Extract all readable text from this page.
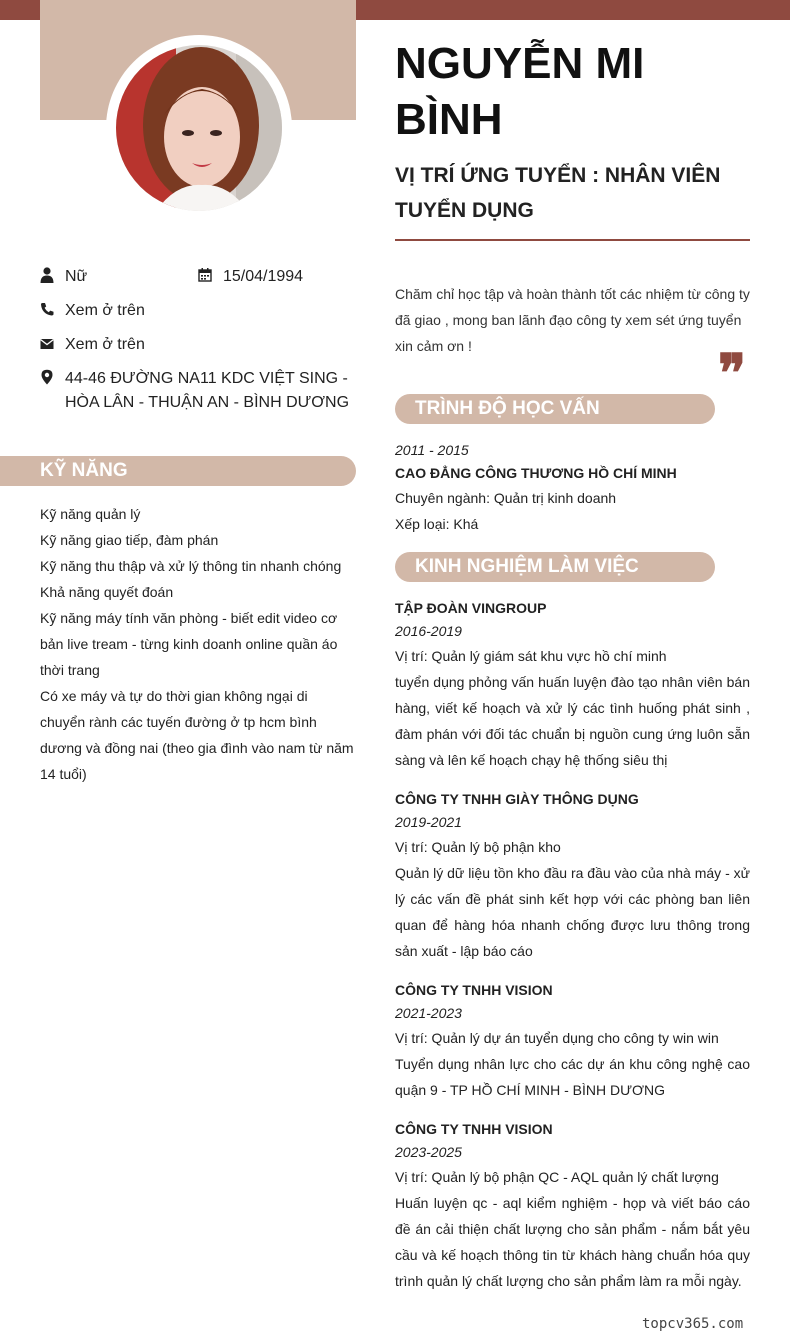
NGUYỄN MI BÌNH
VỊ TRÍ ỨNG TUYỂN : NHÂN VIÊN TUYỂN DỤNG
Nữ	15/04/1994
Xem ở trên
Xem ở trên
44-46 ĐƯỜNG NA11 KDC VIỆT SING - HÒA LÂN - THUẬN AN - BÌNH DƯƠNG
KỸ NĂNG
Kỹ năng quản lý
Kỹ năng giao tiếp, đàm phán
Kỹ năng thu thập và xử lý thông tin nhanh chóng
Khả năng quyết đoán
Kỹ năng máy tính văn phòng - biết edit video cơ bản live tream - từng kinh doanh online quần áo thời trang
Có xe máy và tự do thời gian không ngại di chuyển rành các tuyến đường ở tp hcm bình dương và đồng nai (theo gia đình vào nam từ năm 14 tuổi)
Chăm chỉ học tập và hoàn thành tốt các nhiệm từ công ty đã giao , mong ban lãnh đạo công ty xem sét ứng tuyển xin cảm ơn !	❞
TRÌNH ĐỘ HỌC VẤN
2011 - 2015
CAO ĐẲNG CÔNG THƯƠNG HỒ CHÍ MINH
Chuyên ngành: Quản trị kinh doanh
Xếp loại: Khá
KINH NGHIỆM LÀM VIỆC
TẬP ĐOÀN VINGROUP
2016-2019
Vị trí: Quản lý giám sát khu vực hồ chí minh
tuyển dụng phỏng vấn huấn luyện đào tạo nhân viên bán hàng, viết kế hoạch và xử lý các tình huống phát sinh , đàm phán với đối tác chuẩn bị nguồn cung ứng luôn sẵn sàng và lên kế hoạch chạy hệ thống siêu thị
CÔNG TY TNHH GIÀY THÔNG DỤNG
2019-2021
Vị trí: Quản lý bộ phận kho
Quản lý dữ liệu tồn kho đầu ra đầu vào của nhà máy - xử lý các vấn đề phát sinh kết hợp với các phòng ban liên quan để hàng hóa nhanh chống được lưu thông trong sản xuất - lập báo cáo
CÔNG TY TNHH VISION
2021-2023
Vị trí: Quản lý dự án tuyển dụng cho công ty win win
Tuyển dụng nhân lực cho các dự án khu công nghệ cao quận 9 - TP HỒ CHÍ MINH - BÌNH DƯƠNG
CÔNG TY TNHH VISION
2023-2025
Vị trí: Quản lý bộ phận QC - AQL quản lý chất lượng
Huấn luyện qc - aql kiểm nghiệm - họp và viết báo cáo đề án cải thiện chất lượng cho sản phẩm - nắm bắt yêu cầu và kế hoạch thông tin từ khách hàng chuẩn hóa quy trình quản lý chất lượng cho sản phẩm làm ra mỗi ngày.
topcv365.com
